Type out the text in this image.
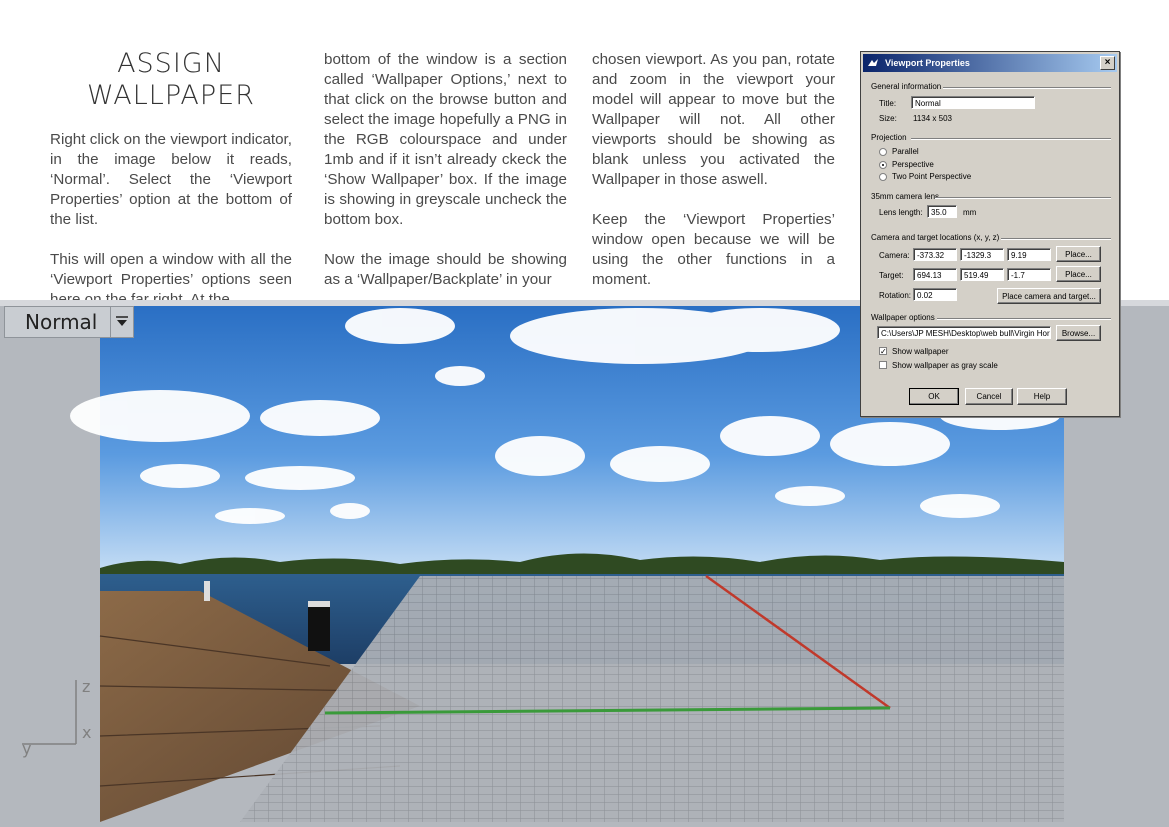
ASSIGN
WALLPAPER

Right click on the viewport indicator, in the image below it reads, ‘Normal’. Select the ‘Viewport Properties’ option at the bottom of the list.

This will open a window with all the ‘Viewport Properties’ options seen

bottom of the window is a section called ‘Wallpaper Options,’ next to that click on the browse button and select the image hopefully a PNG in the RGB colourspace and under 1mb and if it isn’t already ckeck the ‘Show Wallpaper’ box. If the image is showing in greyscale uncheck the bottom box.

Now the image should be showing as a ‘Wallpaper/Backplate’ in your

chosen viewport. As you pan, rotate and zoom in the viewport your model will appear to move but the Wallpaper will not. All other viewports should be showing as blank unless you activated the Wallpaper in those aswell.

Keep the ‘Viewport Properties’ window open because we will be using the other functions in a moment.

Normal
z
y
x
Viewport Properties	×
General information
Title:	Normal
Size: 1134 x 503
Projection
Parallel
Perspective
Two Point Perspective
35mm camera lens
Lens length:	35.0	mm
Camera and target locations (x, y, z)
Camera: -373.32	-1329.3	9.19	Place...
Target:	694.13	519.49	-1.7	Place...
Rotation: 0.02	Place camera and target...
Wallpaper options
C:\Users\JP MESH\Desktop\web bull\Virgin Hor	Browse...
✓ Show wallpaper
Show wallpaper as gray scale
OK	Cancel	Help
